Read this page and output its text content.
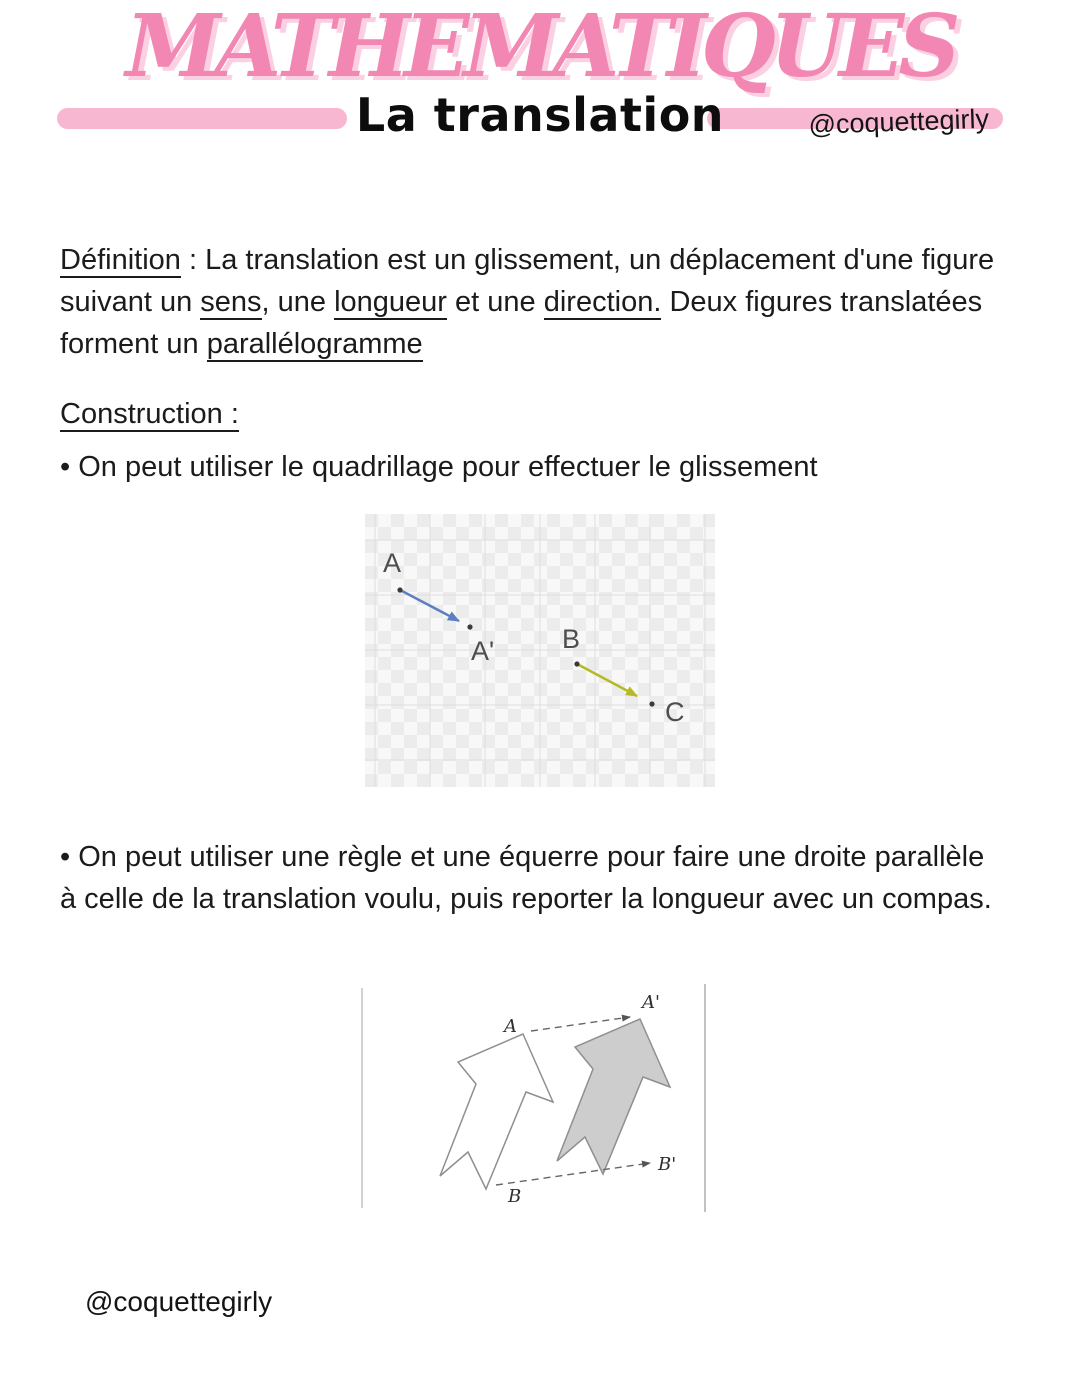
MATHEMATIQUES
La translation	@coquettegirly

Définition : La translation est un glissement, un déplacement d'une figure suivant un sens, une longueur et une direction. Deux figures translatées forment un parallélogramme

Construction :
• On peut utiliser le quadrillage pour effectuer le glissement
A
A'	B
C
• On peut utiliser une règle et une équerre pour faire une droite parallèle à celle de la translation voulu, puis reporter la longueur avec un compas.
A
A'
B
B'
@coquettegirly
